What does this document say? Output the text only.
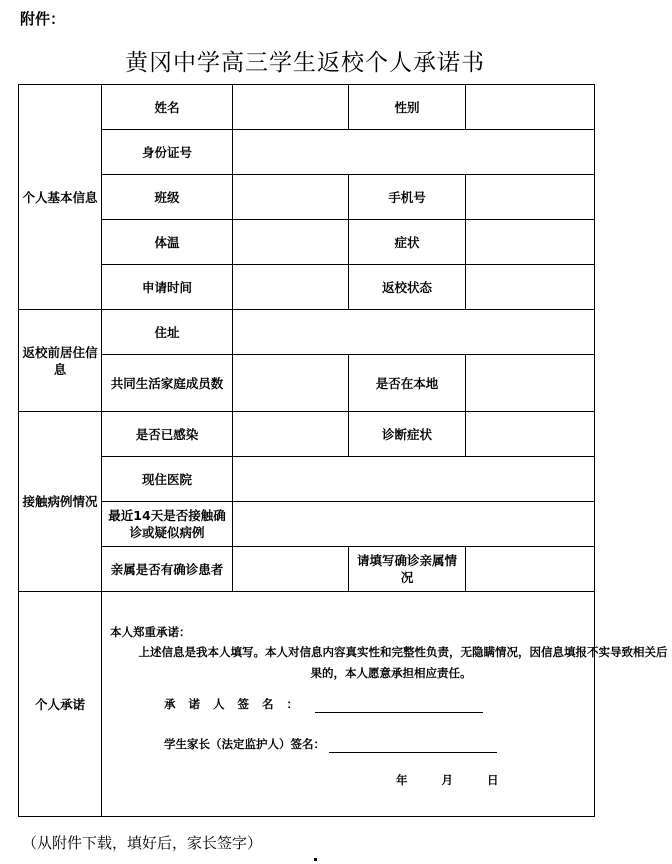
附件：
黄冈中学高三学生返校个人承诺书
个人基本信息	姓名		性别	
	身份证号			
	班级		手机号	
	体温		症状	
	申请时间		返校状态	
返校前居住信息	住址			
	共同生活家庭成员数		是否在本地	
接触病例情况	是否已感染		诊断症状	
	现住医院			
	最近14天是否接触确诊或疑似病例			
	亲属是否有确诊患者		请填写确诊亲属情况	
个人承诺	本人郑重承诺：
上述信息是我本人填写。本人对信息内容真实性和完整性负责，无隐瞒情况，因信息填报不实导致相关后果的，本人愿意承担相应责任。
承诺人签名：
学生家长（法定监护人）签名：
年 月 日			
（从附件下载，填好后，家长签字）
